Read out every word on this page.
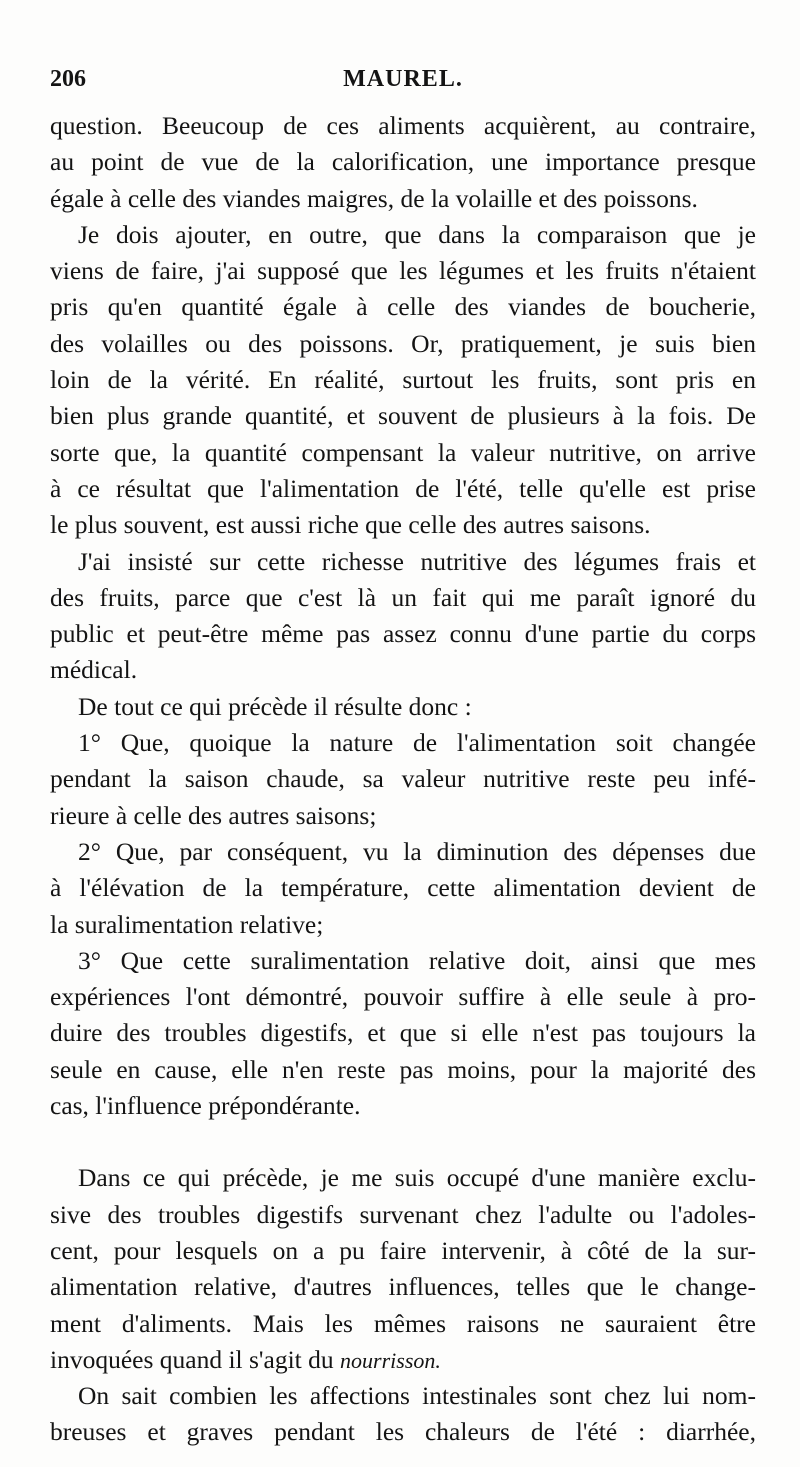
206	MAUREL.
question. Beeucoup de ces aliments acquièrent, au contraire,
au point de vue de la calorification, une importance presque
égale à celle des viandes maigres, de la volaille et des poissons.
Je dois ajouter, en outre, que dans la comparaison que je
viens de faire, j'ai supposé que les légumes et les fruits n'étaient
pris qu'en quantité égale à celle des viandes de boucherie,
des volailles ou des poissons. Or, pratiquement, je suis bien
loin de la vérité. En réalité, surtout les fruits, sont pris en
bien plus grande quantité, et souvent de plusieurs à la fois. De
sorte que, la quantité compensant la valeur nutritive, on arrive
à ce résultat que l'alimentation de l'été, telle qu'elle est prise
le plus souvent, est aussi riche que celle des autres saisons.
J'ai insisté sur cette richesse nutritive des légumes frais et
des fruits, parce que c'est là un fait qui me paraît ignoré du
public et peut-être même pas assez connu d'une partie du corps
médical.
De tout ce qui précède il résulte donc :
1° Que, quoique la nature de l'alimentation soit changée
pendant la saison chaude, sa valeur nutritive reste peu infé-
rieure à celle des autres saisons;
2° Que, par conséquent, vu la diminution des dépenses due
à l'élévation de la température, cette alimentation devient de
la suralimentation relative;
3° Que cette suralimentation relative doit, ainsi que mes
expériences l'ont démontré, pouvoir suffire à elle seule à pro-
duire des troubles digestifs, et que si elle n'est pas toujours la
seule en cause, elle n'en reste pas moins, pour la majorité des
cas, l'influence prépondérante.
Dans ce qui précède, je me suis occupé d'une manière exclu-
sive des troubles digestifs survenant chez l'adulte ou l'adoles-
cent, pour lesquels on a pu faire intervenir, à côté de la sur-
alimentation relative, d'autres influences, telles que le change-
ment d'aliments. Mais les mêmes raisons ne sauraient être
invoquées quand il s'agit du nourrisson.
On sait combien les affections intestinales sont chez lui nom-
breuses et graves pendant les chaleurs de l'été : diarrhée,
